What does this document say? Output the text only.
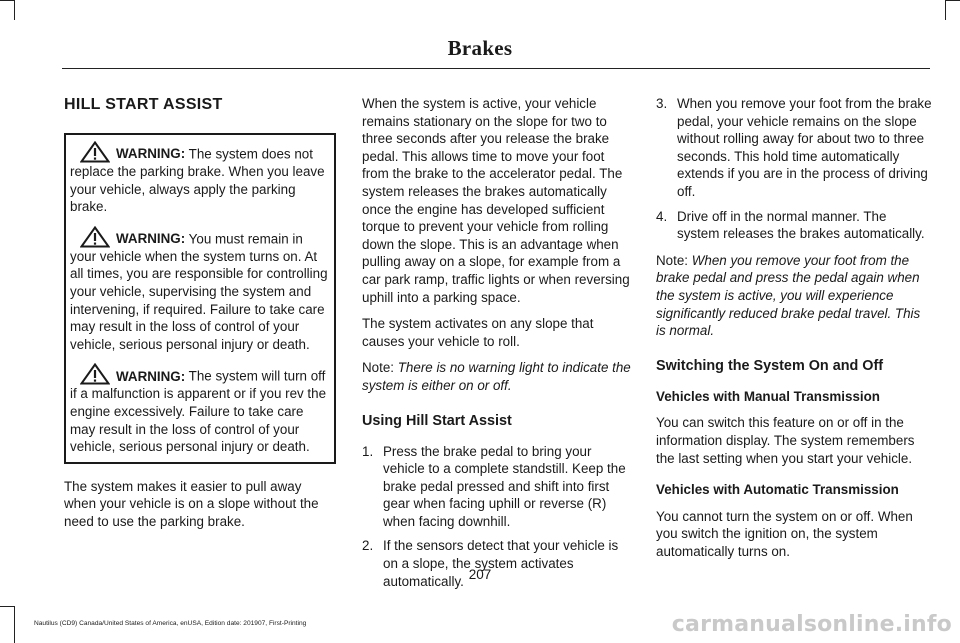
Brakes
HILL START ASSIST
WARNING: The system does not replace the parking brake. When you leave your vehicle, always apply the parking brake.
WARNING: You must remain in your vehicle when the system turns on. At all times, you are responsible for controlling your vehicle, supervising the system and intervening, if required. Failure to take care may result in the loss of control of your vehicle, serious personal injury or death.
WARNING: The system will turn off if a malfunction is apparent or if you rev the engine excessively. Failure to take care may result in the loss of control of your vehicle, serious personal injury or death.

The system makes it easier to pull away when your vehicle is on a slope without the need to use the parking brake.

When the system is active, your vehicle remains stationary on the slope for two to three seconds after you release the brake pedal. This allows time to move your foot from the brake to the accelerator pedal. The system releases the brakes automatically once the engine has developed sufficient torque to prevent your vehicle from rolling down the slope. This is an advantage when pulling away on a slope, for example from a car park ramp, traffic lights or when reversing uphill into a parking space.

The system activates on any slope that causes your vehicle to roll.

Note: There is no warning light to indicate the system is either on or off.

Using Hill Start Assist
1. Press the brake pedal to bring your vehicle to a complete standstill. Keep the brake pedal pressed and shift into first gear when facing uphill or reverse (R) when facing downhill.
2. If the sensors detect that your vehicle is on a slope, the system activates automatically.
3. When you remove your foot from the brake pedal, your vehicle remains on the slope without rolling away for about two to three seconds. This hold time automatically extends if you are in the process of driving off.
4. Drive off in the normal manner. The system releases the brakes automatically.

Note: When you remove your foot from the brake pedal and press the pedal again when the system is active, you will experience significantly reduced brake pedal travel. This is normal.

Switching the System On and Off
Vehicles with Manual Transmission

You can switch this feature on or off in the information display. The system remembers the last setting when you start your vehicle.

Vehicles with Automatic Transmission

You cannot turn the system on or off. When you switch the ignition on, the system automatically turns on.

207
Nautilus (CD9) Canada/United States of America, enUSA, Edition date: 201907, First-Printing	carmanualsonline.info
